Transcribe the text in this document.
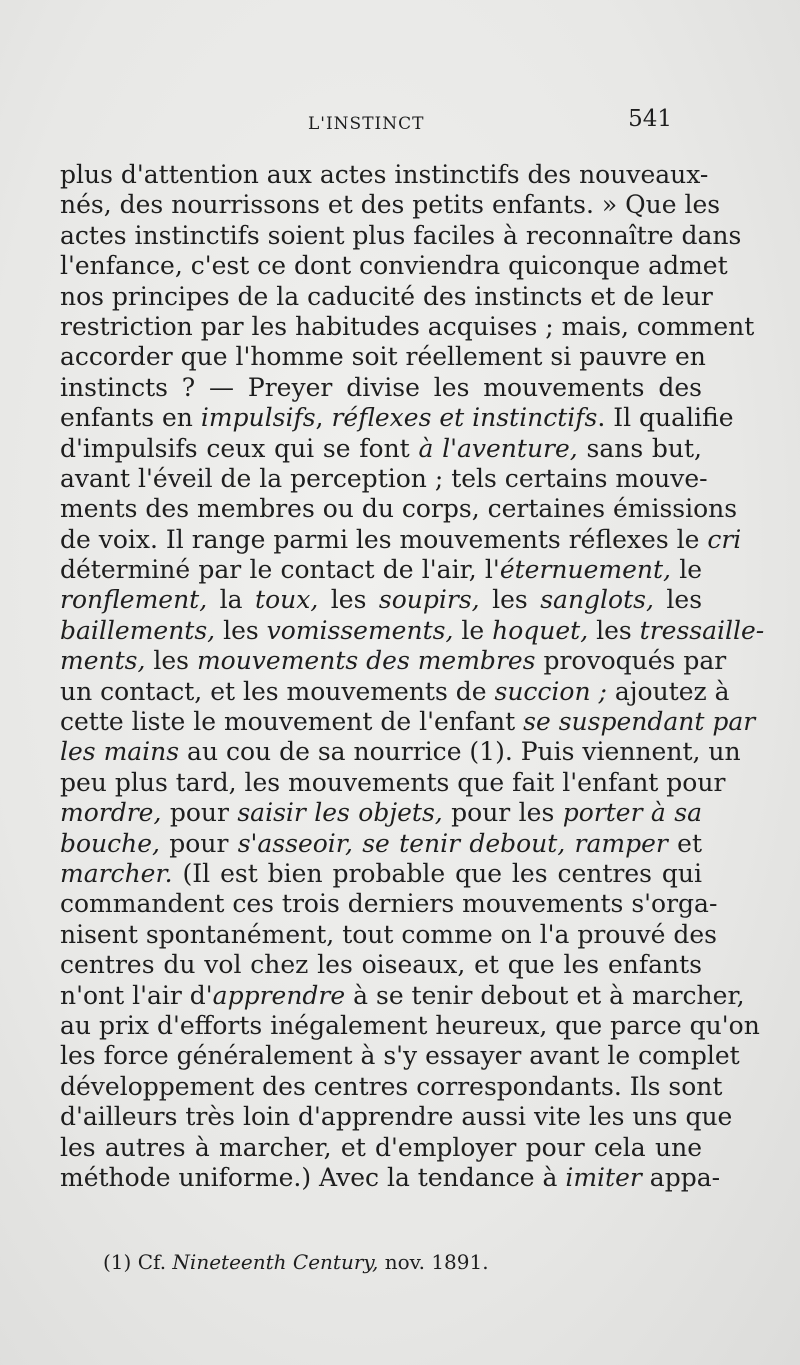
L'INSTINCT	541
plus d'attention aux actes instinctifs des nouveaux-
nés, des nourrissons et des petits enfants. » Que les
actes instinctifs soient plus faciles à reconnaître dans
l'enfance, c'est ce dont conviendra quiconque admet
nos principes de la caducité des instincts et de leur
restriction par les habitudes acquises ; mais, comment
accorder que l'homme soit réellement si pauvre en
instincts ? — Preyer divise les mouvements des
enfants en impulsifs, réflexes et instinctifs. Il qualifie
d'impulsifs ceux qui se font à l'aventure, sans but,
avant l'éveil de la perception ; tels certains mouve-
ments des membres ou du corps, certaines émissions
de voix. Il range parmi les mouvements réflexes le cri
déterminé par le contact de l'air, l'éternuement, le
ronflement, la toux, les soupirs, les sanglots, les
baillements, les vomissements, le hoquet, les tressaille-
ments, les mouvements des membres provoqués par
un contact, et les mouvements de succion ; ajoutez à
cette liste le mouvement de l'enfant se suspendant par
les mains au cou de sa nourrice (1). Puis viennent, un
peu plus tard, les mouvements que fait l'enfant pour
mordre, pour saisir les objets, pour les porter à sa
bouche, pour s'asseoir, se tenir debout, ramper et
marcher. (Il est bien probable que les centres qui
commandent ces trois derniers mouvements s'orga-
nisent spontanément, tout comme on l'a prouvé des
centres du vol chez les oiseaux, et que les enfants
n'ont l'air d'apprendre à se tenir debout et à marcher,
au prix d'efforts inégalement heureux, que parce qu'on
les force généralement à s'y essayer avant le complet
développement des centres correspondants. Ils sont
d'ailleurs très loin d'apprendre aussi vite les uns que
les autres à marcher, et d'employer pour cela une
méthode uniforme.) Avec la tendance à imiter appa-
(1) Cf. Nineteenth Century, nov. 1891.
